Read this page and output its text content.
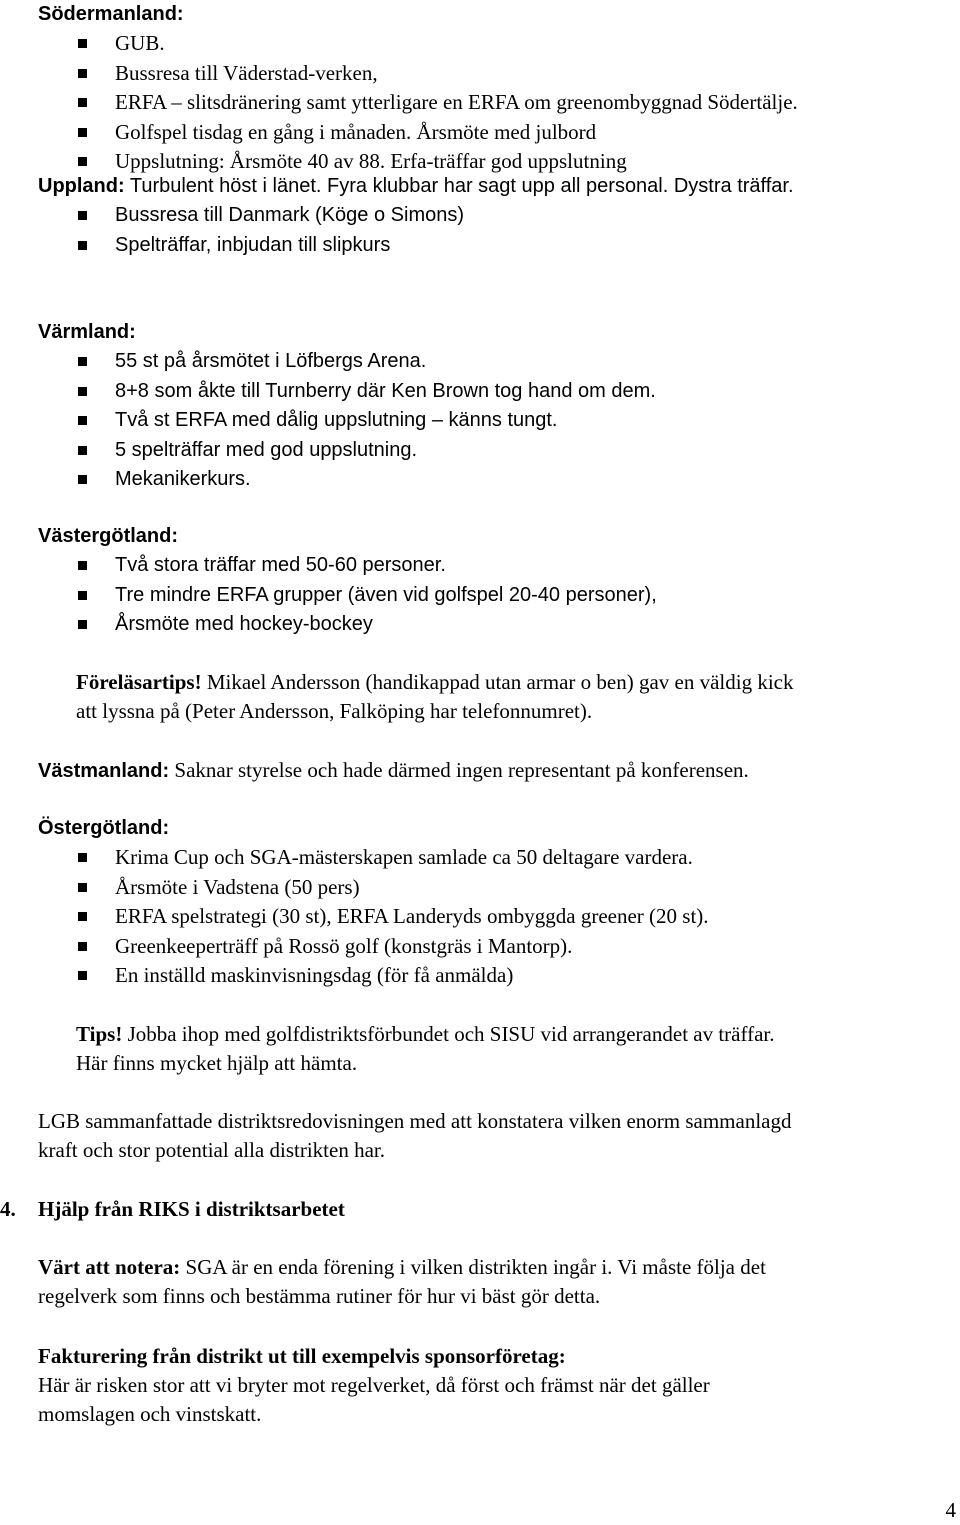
Södermanland:
GUB.
Bussresa till Väderstad-verken,
ERFA – slitsdränering samt ytterligare en ERFA om greenombyggnad Södertälje.
Golfspel tisdag en gång i månaden. Årsmöte med julbord
Uppslutning: Årsmöte 40 av 88. Erfa-träffar god uppslutning
Uppland: Turbulent höst i länet. Fyra klubbar har sagt upp all personal. Dystra träffar.
Bussresa till Danmark (Köge o Simons)
Spelträffar, inbjudan till slipkurs
Värmland:
55 st på årsmötet i Löfbergs Arena.
8+8 som åkte till Turnberry där Ken Brown tog hand om dem.
Två st ERFA med dålig uppslutning – känns tungt.
5 spelträffar med god uppslutning.
Mekanikerkurs.
Västergötland:
Två stora träffar med 50-60 personer.
Tre mindre ERFA grupper (även vid golfspel 20-40 personer),
Årsmöte med hockey-bockey
Föreläsartips! Mikael Andersson (handikappad utan armar o ben) gav en väldig kick
att lyssna på (Peter Andersson, Falköping har telefonnumret).
Västmanland: Saknar styrelse och hade därmed ingen representant på konferensen.
Östergötland:
Krima Cup och SGA-mästerskapen samlade ca 50 deltagare vardera.
Årsmöte i Vadstena (50 pers)
ERFA spelstrategi (30 st), ERFA Landeryds ombyggda greener (20 st).
Greenkeeperträff på Rossö golf (konstgräs i Mantorp).
En inställd maskinvisningsdag (för få anmälda)
Tips! Jobba ihop med golfdistriktsförbundet och SISU vid arrangerandet av träffar.
Här finns mycket hjälp att hämta.
LGB sammanfattade distriktsredovisningen med att konstatera vilken enorm sammanlagd
kraft och stor potential alla distrikten har.
4. Hjälp från RIKS i distriktsarbetet
Värt att notera: SGA är en enda förening i vilken distrikten ingår i. Vi måste följa det
regelverk som finns och bestämma rutiner för hur vi bäst gör detta.
Fakturering från distrikt ut till exempelvis sponsorföretag:
Här är risken stor att vi bryter mot regelverket, då först och främst när det gäller
momslagen och vinstskatt.
4
